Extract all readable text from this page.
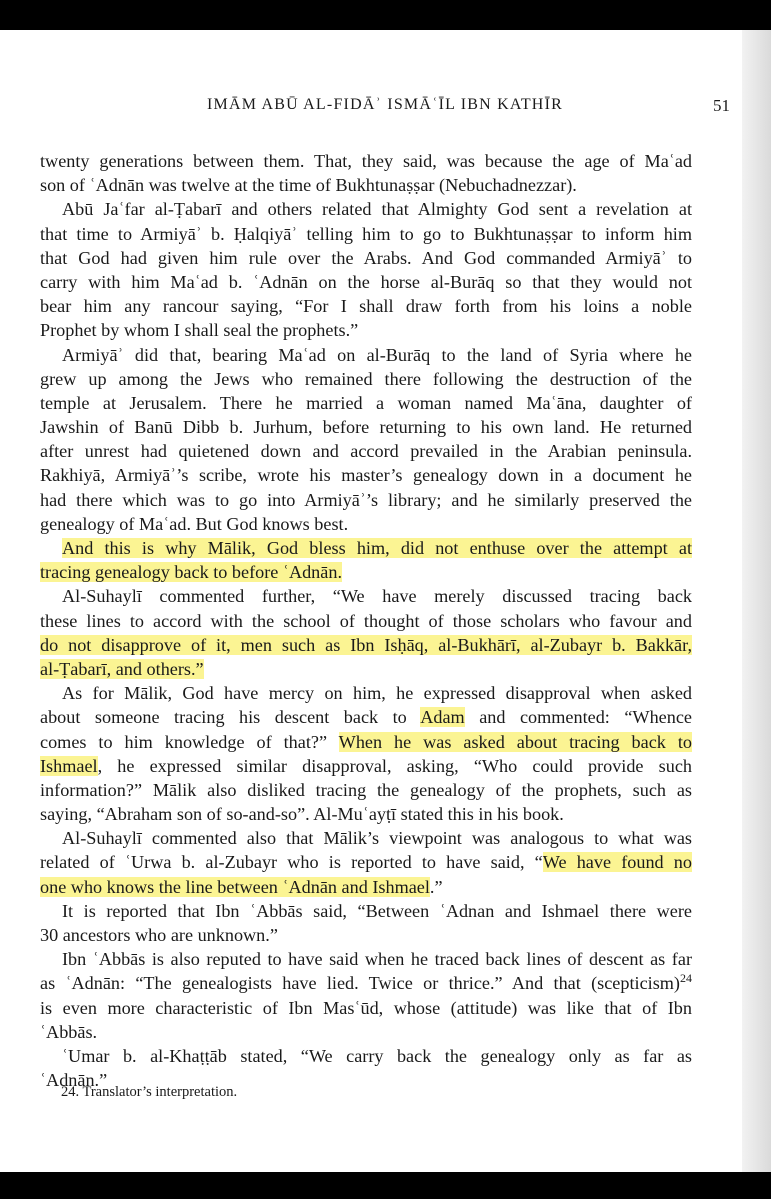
IMĀM ABŪ AL-FIDĀʾ ISMĀʿĪL IBN KATHĪR	51
twenty generations between them. That, they said, was because the age of Maʿad
son of ʿAdnān was twelve at the time of Bukhtunaṣṣar (Nebuchadnezzar).
Abū Jaʿfar al-Ṭabarī and others related that Almighty God sent a revelation at
that time to Armiyāʾ b. Ḥalqiyāʾ telling him to go to Bukhtunaṣṣar to inform him
that God had given him rule over the Arabs. And God commanded Armiyāʾ to
carry with him Maʿad b. ʿAdnān on the horse al-Burāq so that they would not
bear him any rancour saying, “For I shall draw forth from his loins a noble
Prophet by whom I shall seal the prophets.”
Armiyāʾ did that, bearing Maʿad on al-Burāq to the land of Syria where he
grew up among the Jews who remained there following the destruction of the
temple at Jerusalem. There he married a woman named Maʿāna, daughter of
Jawshin of Banū Dibb b. Jurhum, before returning to his own land. He returned
after unrest had quietened down and accord prevailed in the Arabian peninsula.
Rakhiyā, Armiyāʾ’s scribe, wrote his master’s genealogy down in a document he
had there which was to go into Armiyāʾ’s library; and he similarly preserved the
genealogy of Maʿad. But God knows best.
And this is why Mālik, God bless him, did not enthuse over the attempt at
tracing genealogy back to before ʿAdnān.
Al-Suhaylī commented further, “We have merely discussed tracing back
these lines to accord with the school of thought of those scholars who favour and
do not disapprove of it, men such as Ibn Isḥāq, al-Bukhārī, al-Zubayr b. Bakkār,
al-Ṭabarī, and others.”
As for Mālik, God have mercy on him, he expressed disapproval when asked
about someone tracing his descent back to Adam and commented: “Whence
comes to him knowledge of that?” When he was asked about tracing back to
Ishmael, he expressed similar disapproval, asking, “Who could provide such
information?” Mālik also disliked tracing the genealogy of the prophets, such as
saying, “Abraham son of so-and-so”. Al-Muʿayṭī stated this in his book.
Al-Suhaylī commented also that Mālik’s viewpoint was analogous to what was
related of ʿUrwa b. al-Zubayr who is reported to have said, “We have found no
one who knows the line between ʿAdnān and Ishmael.”
It is reported that Ibn ʿAbbās said, “Between ʿAdnan and Ishmael there were
30 ancestors who are unknown.”
Ibn ʿAbbās is also reputed to have said when he traced back lines of descent as far
as ʿAdnān: “The genealogists have lied. Twice or thrice.” And that (scepticism)$^{24}$
is even more characteristic of Ibn Masʿūd, whose (attitude) was like that of Ibn
ʿAbbās.
ʿUmar b. al-Khaṭṭāb stated, “We carry back the genealogy only as far as
ʿAdnān.”
24. Translator’s interpretation.
